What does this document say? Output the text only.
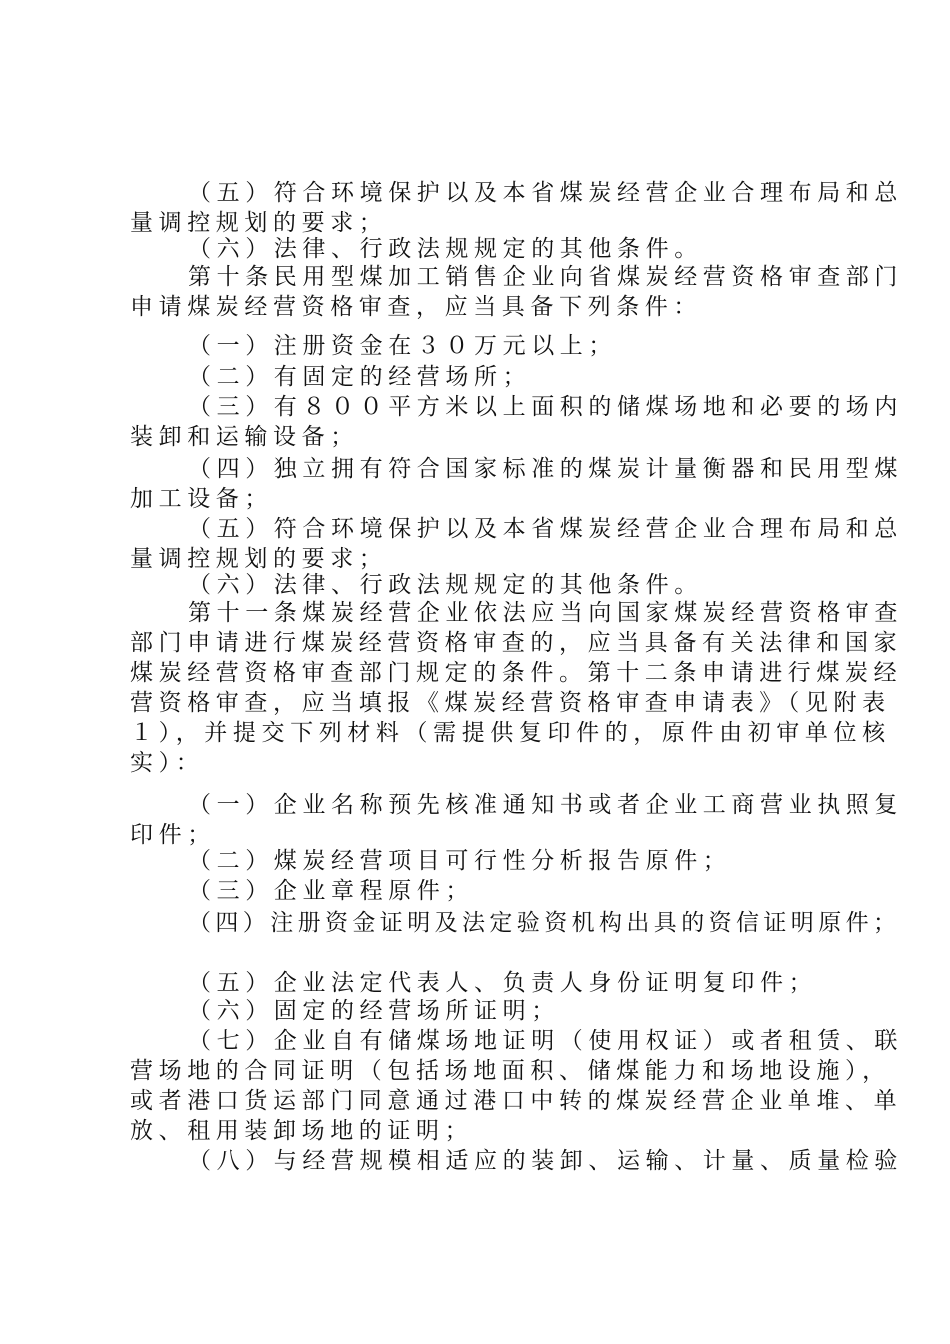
（五）符合环境保护以及本省煤炭经营企业合理布局和总
量调控规划的要求；
（六）法律、行政法规规定的其他条件。
第十条民用型煤加工销售企业向省煤炭经营资格审查部门
申请煤炭经营资格审查，应当具备下列条件：
（一）注册资金在３０万元以上；
（二）有固定的经营场所；
（三）有８００平方米以上面积的储煤场地和必要的场内
装卸和运输设备；
（四）独立拥有符合国家标准的煤炭计量衡器和民用型煤
加工设备；
（五）符合环境保护以及本省煤炭经营企业合理布局和总
量调控规划的要求；
（六）法律、行政法规规定的其他条件。
第十一条煤炭经营企业依法应当向国家煤炭经营资格审查
部门申请进行煤炭经营资格审查的，应当具备有关法律和国家
煤炭经营资格审查部门规定的条件。第十二条申请进行煤炭经
营资格审查，应当填报《煤炭经营资格审查申请表》（见附表
１），并提交下列材料（需提供复印件的，原件由初审单位核
实）：
（一）企业名称预先核准通知书或者企业工商营业执照复
印件；
（二）煤炭经营项目可行性分析报告原件；
（三）企业章程原件；
（四）注册资金证明及法定验资机构出具的资信证明原件；
（五）企业法定代表人、负责人身份证明复印件；
（六）固定的经营场所证明；
（七）企业自有储煤场地证明（使用权证）或者租赁、联
营场地的合同证明（包括场地面积、储煤能力和场地设施），
或者港口货运部门同意通过港口中转的煤炭经营企业单堆、单
放、租用装卸场地的证明；
（八）与经营规模相适应的装卸、运输、计量、质量检验
